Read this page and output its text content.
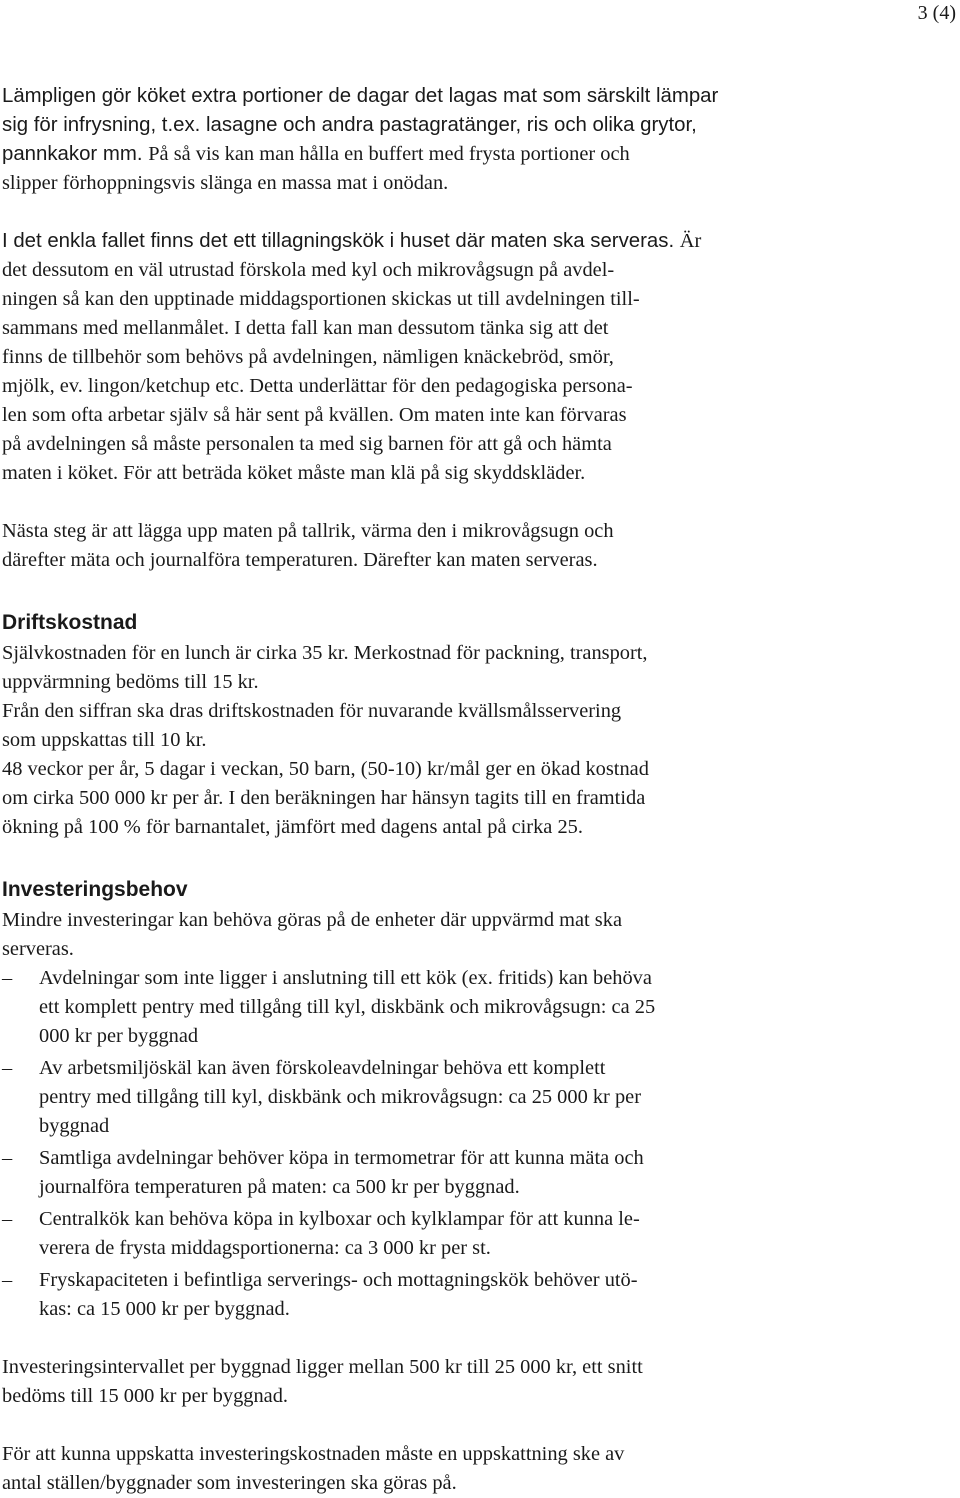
3 (4)

Lämpligen gör köket extra portioner de dagar det lagas mat som särskilt lämpar
sig för infrysning, t.ex. lasagne och andra pastagratänger, ris och olika grytor,
pannkakor mm. På så vis kan man hålla en buffert med frysta portioner och
slipper förhoppningsvis slänga en massa mat i onödan.

I det enkla fallet finns det ett tillagningskök i huset där maten ska serveras. Är
det dessutom en väl utrustad förskola med kyl och mikrovågsugn på avdel-
ningen så kan den upptinade middagsportionen skickas ut till avdelningen till-
sammans med mellanmålet. I detta fall kan man dessutom tänka sig att det
finns de tillbehör som behövs på avdelningen, nämligen knäckebröd, smör,
mjölk, ev. lingon/ketchup etc. Detta underlättar för den pedagogiska persona-
len som ofta arbetar själv så här sent på kvällen. Om maten inte kan förvaras
på avdelningen så måste personalen ta med sig barnen för att gå och hämta
maten i köket. För att beträda köket måste man klä på sig skyddskläder.

Nästa steg är att lägga upp maten på tallrik, värma den i mikrovågsugn och
därefter mäta och journalföra temperaturen. Därefter kan maten serveras.

Driftskostnad

Självkostnaden för en lunch är cirka 35 kr. Merkostnad för packning, transport,
uppvärmning bedöms till 15 kr.
Från den siffran ska dras driftskostnaden för nuvarande kvällsmålsservering
som uppskattas till 10 kr.
48 veckor per år, 5 dagar i veckan, 50 barn, (50-10) kr/mål ger en ökad kostnad
om cirka 500 000 kr per år. I den beräkningen har hänsyn tagits till en framtida
ökning på 100 % för barnantalet, jämfört med dagens antal på cirka 25.

Investeringsbehov

Mindre investeringar kan behöva göras på de enheter där uppvärmd mat ska
serveras.

–	Avdelningar som inte ligger i anslutning till ett kök (ex. fritids) kan behöva
ett komplett pentry med tillgång till kyl, diskbänk och mikrovågsugn: ca 25
000 kr per byggnad
–	Av arbetsmiljöskäl kan även förskoleavdelningar behöva ett komplett
pentry med tillgång till kyl, diskbänk och mikrovågsugn: ca 25 000 kr per
byggnad
–	Samtliga avdelningar behöver köpa in termometrar för att kunna mäta och
journalföra temperaturen på maten: ca 500 kr per byggnad.
–	Centralkök kan behöva köpa in kylboxar och kylklampar för att kunna le-
verera de frysta middagsportionerna: ca 3 000 kr per st.
–	Fryskapaciteten i befintliga serverings- och mottagningskök behöver utö-
kas: ca 15 000 kr per byggnad.

Investeringsintervallet per byggnad ligger mellan 500 kr till 25 000 kr, ett snitt
bedöms till 15 000 kr per byggnad.

För att kunna uppskatta investeringskostnaden måste en uppskattning ske av
antal ställen/byggnader som investeringen ska göras på.
